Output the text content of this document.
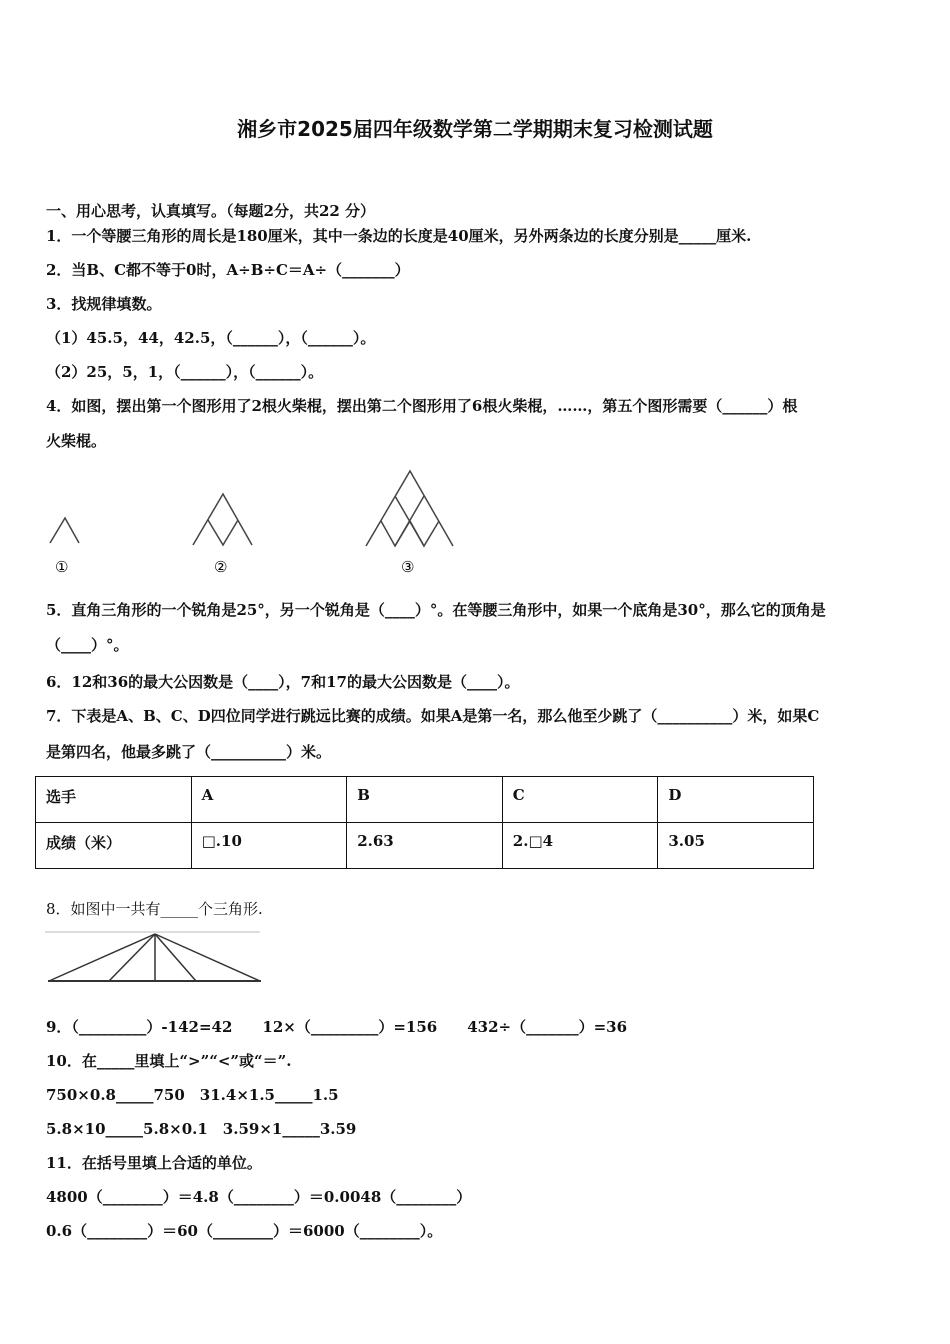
湘乡市2025届四年级数学第二学期期末复习检测试题
一、用心思考，认真填写。（每题2分，共22 分）
1．一个等腰三角形的周长是180厘米，其中一条边的长度是40厘米，另外两条边的长度分别是_____厘米.
2．当B、C都不等于0时，A÷B÷C＝A÷（_______）
3．找规律填数。
（1）45.5，44，42.5，（______），（______）。
（2）25，5，1，（______），（______）。
4．如图，摆出第一个图形用了2根火柴棍，摆出第二个图形用了6根火柴棍，……，第五个图形需要（______）根
火柴棍。
①	②	③
5．直角三角形的一个锐角是25°，另一个锐角是（____）°。在等腰三角形中，如果一个底角是30°，那么它的顶角是
（____）°。
6．12和36的最大公因数是（____），7和17的最大公因数是（____）。
7．下表是A、B、C、D四位同学进行跳远比赛的成绩。如果A是第一名，那么他至少跳了（__________）米，如果C
是第四名，他最多跳了（__________）米。
选手	A	B	C	D
成绩（米）	□.10	2.63	2.□4	3.05
8．如图中一共有_____个三角形.
9．（_________）-142=42　　12×（_________）=156　　432÷（_______）=36
10．在_____里填上“>”“<”或“＝”.
750×0.8_____750　31.4×1.5_____1.5
5.8×10_____5.8×0.1　3.59×1_____3.59
11．在括号里填上合适的单位。
4800（________）＝4.8（________）＝0.0048（________）
0.6（________）＝60（________）＝6000（________）。
